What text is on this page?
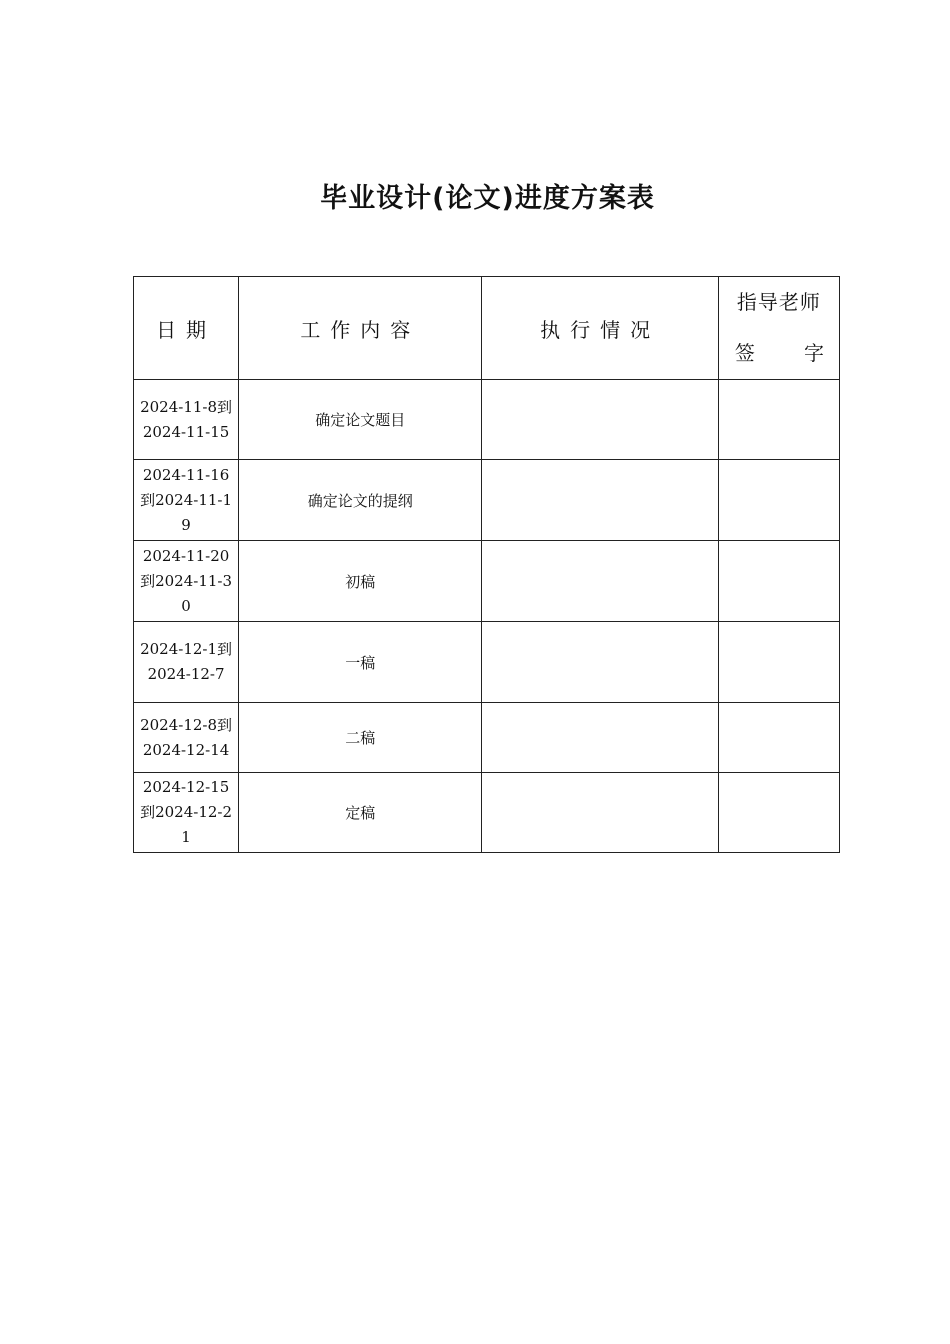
毕业设计(论文)进度方案表
日期	工作内容	执行情况	指导老师
签 字

2024-11-8到2024-11-15	确定论文题目		

2024-11-16到2024-11-19	确定论文的提纲		

2024-11-20到2024-11-30	初稿		

2024-12-1到2024-12-7	一稿		

2024-12-8到2024-12-14	二稿		

2024-12-15到2024-12-21	定稿		
